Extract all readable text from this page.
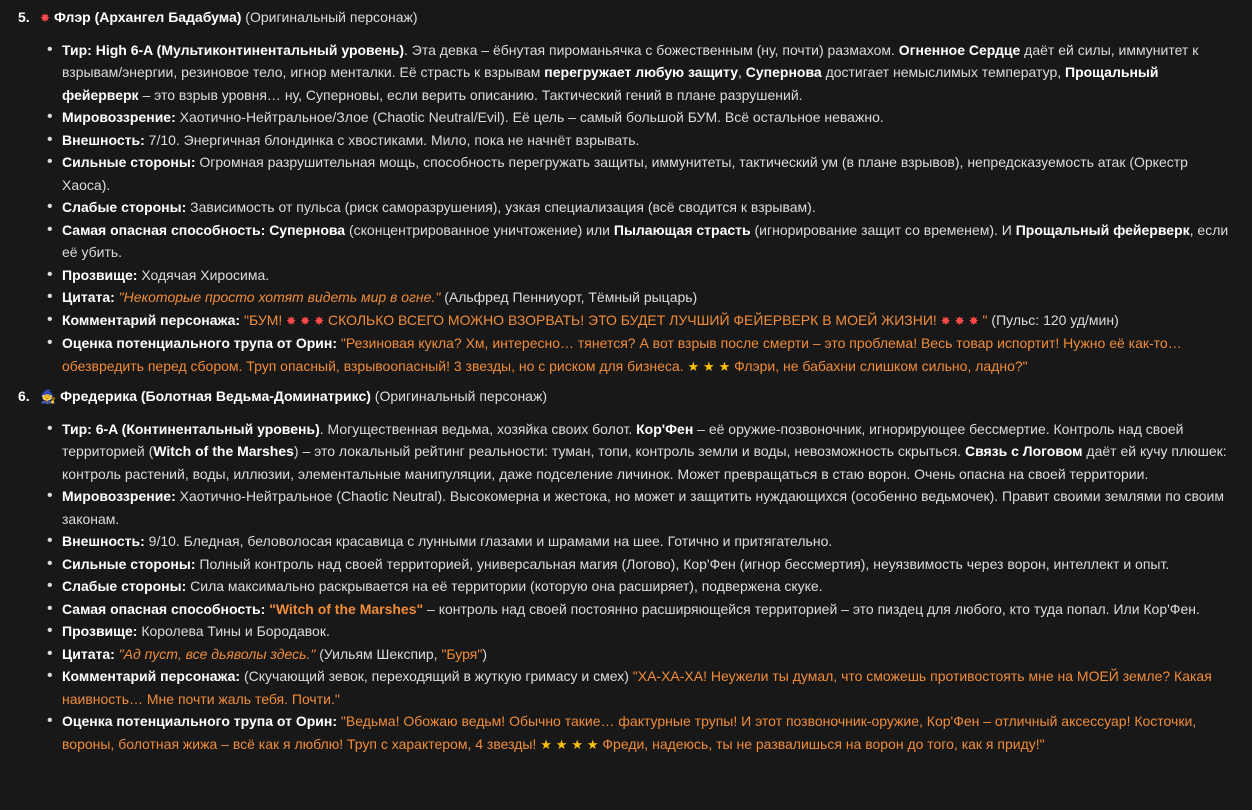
5. ✸ Флэр (Архангел Бадабума) (Оригинальный персонаж)
• Тир: High 6-A (Мультиконтинентальный уровень). Эта девка – ёбнутая пироманьячка с божественным (ну, почти) размахом. Огненное Сердце даёт ей силы, иммунитет к взрывам/энергии, резиновое тело, игнор менталки. Её страсть к взрывам перегружает любую защиту, Супернова достигает немыслимых температур, Прощальный фейерверк – это взрыв уровня… ну, Суперновы, если верить описанию. Тактический гений в плане разрушений.
• Мировоззрение: Хаотично-Нейтральное/Злое (Chaotic Neutral/Evil). Её цель – самый большой БУМ. Всё остальное неважно.
• Внешность: 7/10. Энергичная блондинка с хвостиками. Мило, пока не начнёт взрывать.
• Сильные стороны: Огромная разрушительная мощь, способность перегружать защиты, иммунитеты, тактический ум (в плане взрывов), непредсказуемость атак (Оркестр Хаоса).
• Слабые стороны: Зависимость от пульса (риск саморазрушения), узкая специализация (всё сводится к взрывам).
• Самая опасная способность: Супернова (сконцентрированное уничтожение) или Пылающая страсть (игнорирование защит со временем). И Прощальный фейерверк, если её убить.
• Прозвище: Ходячая Хиросима.
• Цитата: "Некоторые просто хотят видеть мир в огне." (Альфред Пенниуорт, Тёмный рыцарь)
• Комментарий персонажа: "БУМ! ✸ ✸ ✸ СКОЛЬКО ВСЕГО МОЖНО ВЗОРВАТЬ! ЭТО БУДЕТ ЛУЧШИЙ ФЕЙЕРВЕРК В МОЕЙ ЖИЗНИ! ✸ ✸ ✸ " (Пульс: 120 уд/мин)
• Оценка потенциального трупа от Орин: "Резиновая кукла? Хм, интересно… тянется? А вот взрыв после смерти – это проблема! Весь товар испортит! Нужно её как-то… обезвредить перед сбором. Труп опасный, взрывоопасный! 3 звезды, но с риском для бизнеса. ★ ★ ★ Флэри, не бабахни слишком сильно, ладно?"
6. 🧙 Фредерика (Болотная Ведьма-Доминатрикс) (Оригинальный персонаж)
• Тир: 6-A (Континентальный уровень). Могущественная ведьма, хозяйка своих болот. Кор'Фен – её оружие-позвоночник, игнорирующее бессмертие. Контроль над своей территорией (Witch of the Marshes) – это локальный рейтинг реальности: туман, топи, контроль земли и воды, невозможность скрыться. Связь с Логовом даёт ей кучу плюшек: контроль растений, воды, иллюзии, элементальные манипуляции, даже подселение личинок. Может превращаться в стаю ворон. Очень опасна на своей территории.
• Мировоззрение: Хаотично-Нейтральное (Chaotic Neutral). Высокомерна и жестока, но может и защитить нуждающихся (особенно ведьмочек). Правит своими землями по своим законам.
• Внешность: 9/10. Бледная, беловолосая красавица с лунными глазами и шрамами на шее. Готично и притягательно.
• Сильные стороны: Полный контроль над своей территорией, универсальная магия (Логово), Кор'Фен (игнор бессмертия), неуязвимость через ворон, интеллект и опыт.
• Слабые стороны: Сила максимально раскрывается на её территории (которую она расширяет), подвержена скуке.
• Самая опасная способность: "Witch of the Marshes" – контроль над своей постоянно расширяющейся территорией – это пиздец для любого, кто туда попал. Или Кор'Фен.
• Прозвище: Королева Тины и Бородавок.
• Цитата: "Ад пуст, все дьяволы здесь." (Уильям Шекспир, "Буря")
• Комментарий персонажа: (Скучающий зевок, переходящий в жуткую гримасу и смех) "ХА-ХА-ХА! Неужели ты думал, что сможешь противостоять мне на МОЕЙ земле? Какая наивность… Мне почти жаль тебя. Почти."
• Оценка потенциального трупа от Орин: "Ведьма! Обожаю ведьм! Обычно такие… фактурные трупы! И этот позвоночник-оружие, Кор'Фен – отличный аксессуар! Косточки, вороны, болотная жижа – всё как я люблю! Труп с характером, 4 звезды! ★ ★ ★ ★ Фреди, надеюсь, ты не развалишься на ворон до того, как я приду!"
